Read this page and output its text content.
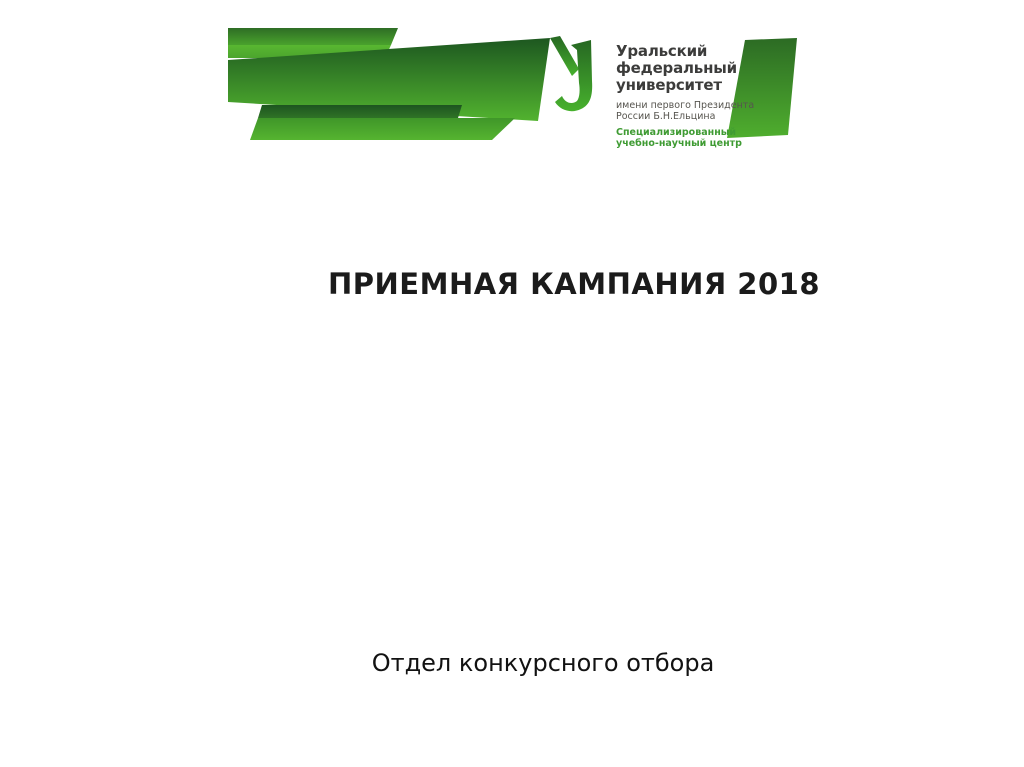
Уральский
федеральный
университет
имени первого Президента
России Б.Н.Ельцина
Специализированный
учебно-научный центр
ПРИЕМНАЯ КАМПАНИЯ 2018
Отдел конкурсного отбора
